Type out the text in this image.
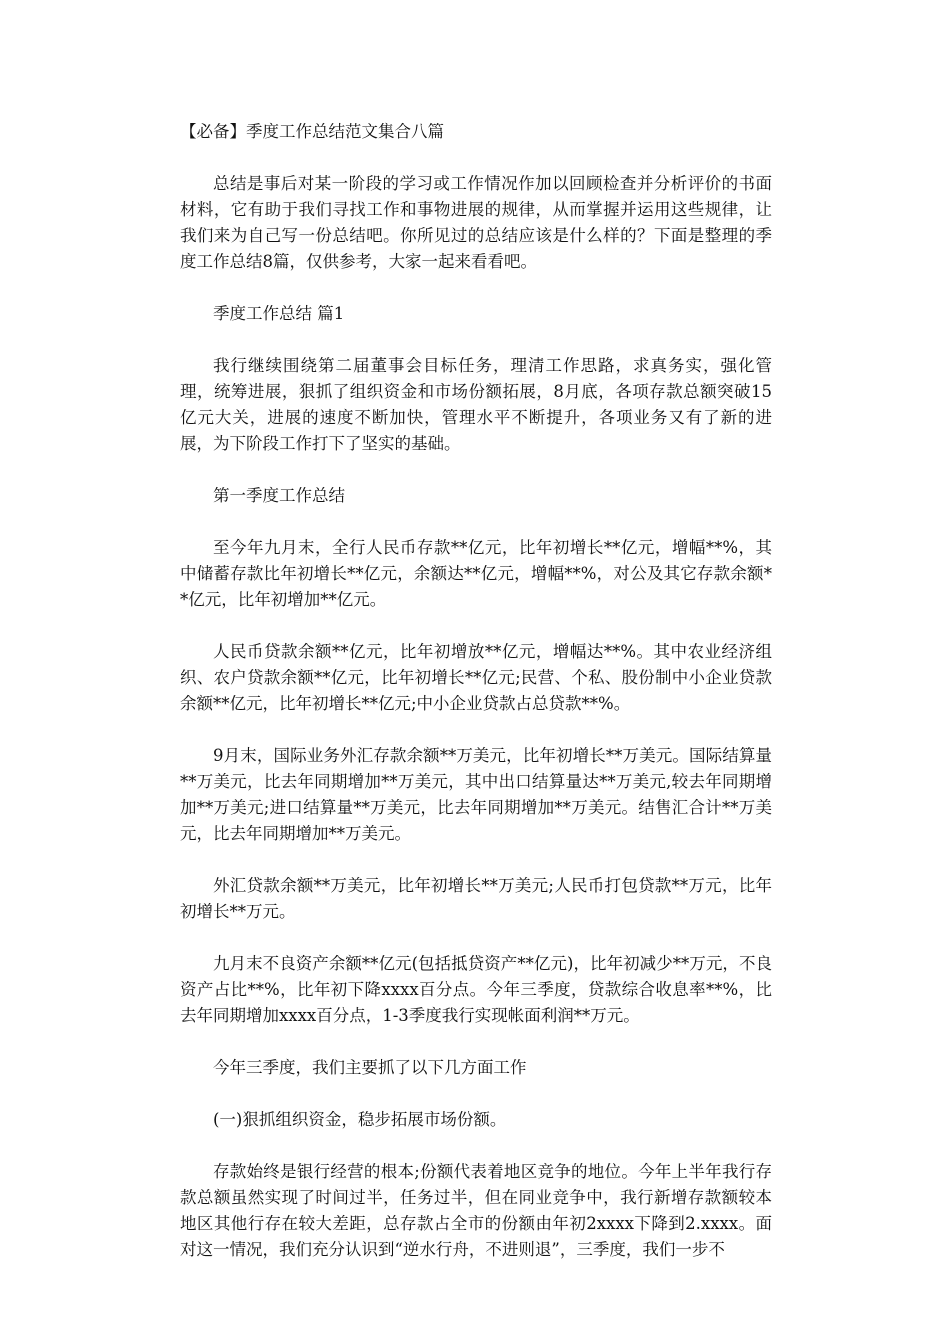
【必备】季度工作总结范文集合八篇

总结是事后对某一阶段的学习或工作情况作加以回顾检查并分析评价的书面材料，它有助于我们寻找工作和事物进展的规律，从而掌握并运用这些规律，让我们来为自己写一份总结吧。你所见过的总结应该是什么样的？下面是整理的季度工作总结8篇，仅供参考，大家一起来看看吧。

季度工作总结 篇1

我行继续围绕第二届董事会目标任务，理清工作思路，求真务实，强化管理，统筹进展，狠抓了组织资金和市场份额拓展，8月底，各项存款总额突破15亿元大关，进展的速度不断加快，管理水平不断提升，各项业务又有了新的进展，为下阶段工作打下了坚实的基础。

第一季度工作总结

至今年九月末，全行人民币存款**亿元，比年初增长**亿元，增幅**%，其中储蓄存款比年初增长**亿元，余额达**亿元，增幅**%，对公及其它存款余额**亿元，比年初增加**亿元。

人民币贷款余额**亿元，比年初增放**亿元，增幅达**%。其中农业经济组织、农户贷款余额**亿元，比年初增长**亿元;民营、个私、股份制中小企业贷款余额**亿元，比年初增长**亿元;中小企业贷款占总贷款**%。

9月末，国际业务外汇存款余额**万美元，比年初增长**万美元。国际结算量**万美元，比去年同期增加**万美元，其中出口结算量达**万美元,较去年同期增加**万美元;进口结算量**万美元，比去年同期增加**万美元。结售汇合计**万美元，比去年同期增加**万美元。

外汇贷款余额**万美元，比年初增长**万美元;人民币打包贷款**万元，比年初增长**万元。

九月末不良资产余额**亿元(包括抵贷资产**亿元)，比年初减少**万元，不良资产占比**%，比年初下降xxxx百分点。今年三季度，贷款综合收息率**%，比去年同期增加xxxx百分点，1-3季度我行实现帐面利润**万元。

今年三季度，我们主要抓了以下几方面工作

(一)狠抓组织资金，稳步拓展市场份额。

存款始终是银行经营的根本;份额代表着地区竞争的地位。今年上半年我行存款总额虽然实现了时间过半，任务过半，但在同业竞争中，我行新增存款额较本地区其他行存在较大差距，总存款占全市的份额由年初2xxxx下降到2.xxxx。面对这一情况，我们充分认识到“逆水行舟，不进则退”，三季度，我们一步不
